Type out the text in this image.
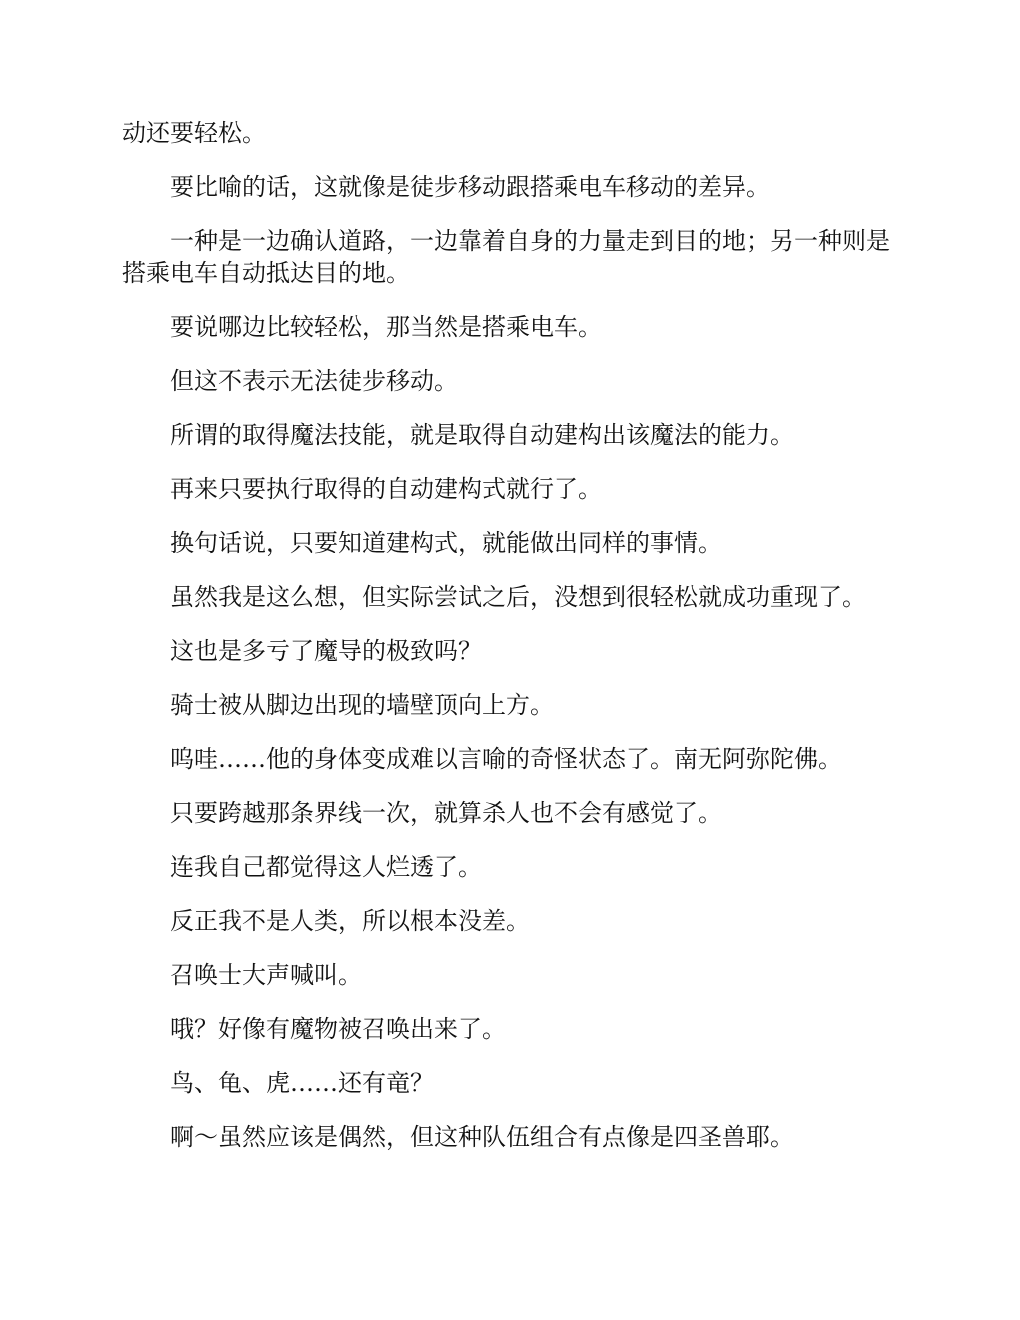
动还要轻松。

要比喻的话，这就像是徒步移动跟搭乘电车移动的差异。

一种是一边确认道路，一边靠着自身的力量走到目的地；另一种则是搭乘电车自动抵达目的地。

要说哪边比较轻松，那当然是搭乘电车。

但这不表示无法徒步移动。

所谓的取得魔法技能，就是取得自动建构出该魔法的能力。

再来只要执行取得的自动建构式就行了。

换句话说，只要知道建构式，就能做出同样的事情。

虽然我是这么想，但实际尝试之后，没想到很轻松就成功重现了。

这也是多亏了魔导的极致吗？

骑士被从脚边出现的墙壁顶向上方。

呜哇……他的身体变成难以言喻的奇怪状态了。南无阿弥陀佛。

只要跨越那条界线一次，就算杀人也不会有感觉了。

连我自己都觉得这人烂透了。

反正我不是人类，所以根本没差。

召唤士大声喊叫。

哦？好像有魔物被召唤出来了。

鸟、龟、虎……还有竜？

啊～虽然应该是偶然，但这种队伍组合有点像是四圣兽耶。
